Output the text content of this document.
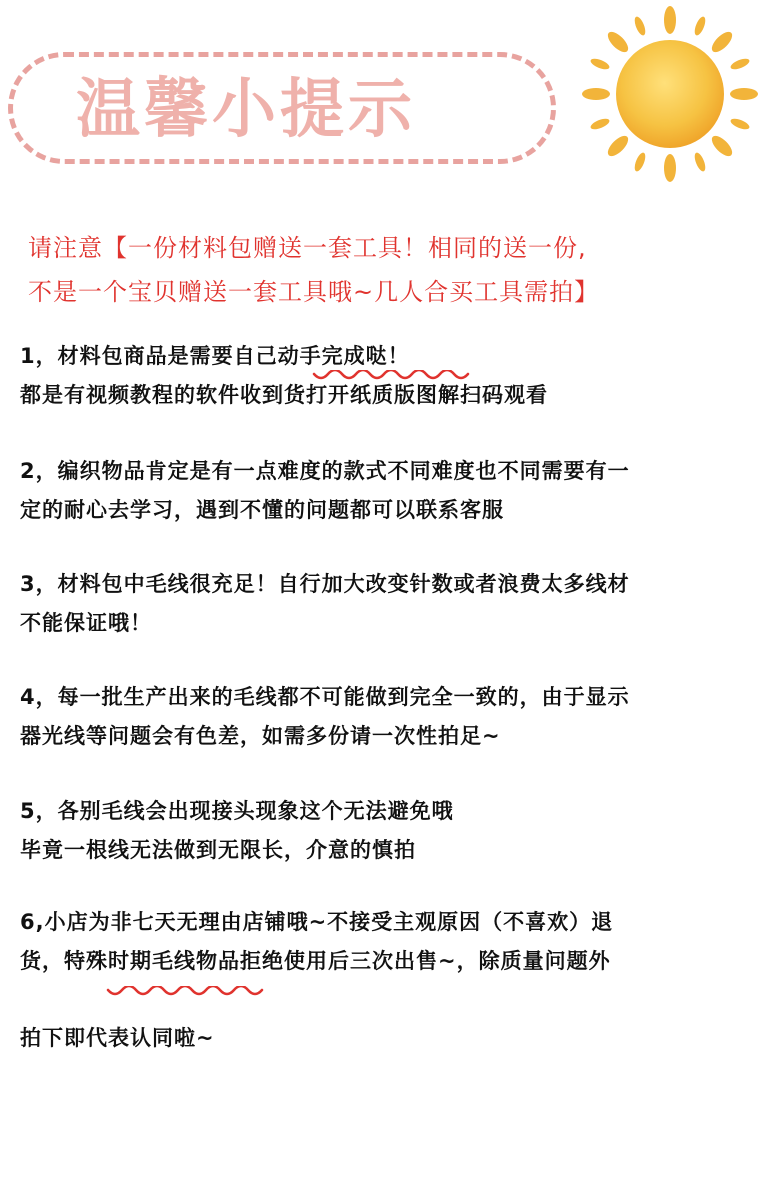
温馨小提示
请注意【一份材料包赠送一套工具！相同的送一份,
不是一个宝贝赠送一套工具哦~几人合买工具需拍】
1，材料包商品是需要自己动手完成哒！
都是有视频教程的软件收到货打开纸质版图解扫码观看
2，编织物品肯定是有一点难度的款式不同难度也不同需要有一
定的耐心去学习，遇到不懂的问题都可以联系客服
3，材料包中毛线很充足！自行加大改变针数或者浪费太多线材
不能保证哦！
4，每一批生产出来的毛线都不可能做到完全一致的，由于显示
器光线等问题会有色差，如需多份请一次性拍足~
5，各别毛线会出现接头现象这个无法避免哦
毕竟一根线无法做到无限长，介意的慎拍
6,小店为非七天无理由店铺哦~不接受主观原因（不喜欢）退
货，特殊时期毛线物品拒绝使用后三次出售~，除质量问题外
拍下即代表认同啦~
